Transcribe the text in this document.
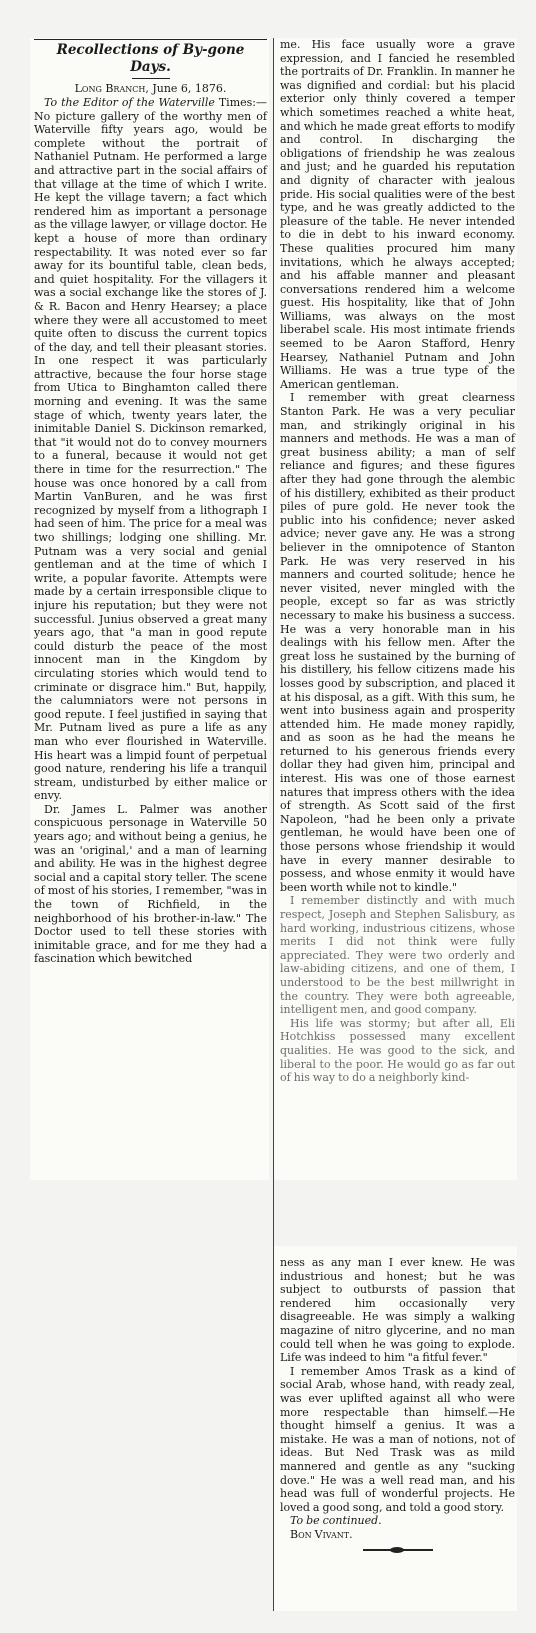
Recollections of By-gone Days.
Long Branch, June 6, 1876.

To the Editor of the Waterville Times:—No picture gallery of the worthy men of Waterville fifty years ago, would be complete without the portrait of Nathaniel Putnam. He performed a large and attractive part in the social affairs of that village at the time of which I write. He kept the village tavern; a fact which rendered him as important a personage as the village lawyer, or village doctor. He kept a house of more than ordinary respectability. It was noted ever so far away for its bountiful table, clean beds, and quiet hospitality. For the villagers it was a social exchange like the stores of J. & R. Bacon and Henry Hearsey; a place where they were all accustomed to meet quite often to discuss the current topics of the day, and tell their pleasant stories. In one respect it was particularly attractive, because the four horse stage from Utica to Binghamton called there morning and evening. It was the same stage of which, twenty years later, the inimitable Daniel S. Dickinson remarked, that "it would not do to convey mourners to a funeral, because it would not get there in time for the resurrection." The house was once honored by a call from Martin VanBuren, and he was first recognized by myself from a lithograph I had seen of him. The price for a meal was two shillings; lodging one shilling. Mr. Putnam was a very social and genial gentleman and at the time of which I write, a popular favorite. Attempts were made by a certain irresponsible clique to injure his reputation; but they were not successful. Junius observed a great many years ago, that "a man in good repute could disturb the peace of the most innocent man in the Kingdom by circulating stories which would tend to criminate or disgrace him." But, happily, the calumniators were not persons in good repute. I feel justified in saying that Mr. Putnam lived as pure a life as any man who ever flourished in Waterville. His heart was a limpid fount of perpetual good nature, rendering his life a tranquil stream, undisturbed by either malice or envy.

Dr. James L. Palmer was another conspicuous personage in Waterville 50 years ago; and without being a genius, he was an 'original,' and a man of learning and ability. He was in the highest degree social and a capital story teller. The scene of most of his stories, I remember, "was in the town of Richfield, in the neighborhood of his brother-in-law." The Doctor used to tell these stories with inimitable grace, and for me they had a fascination which bewitched

me. His face usually wore a grave expression, and I fancied he resembled the portraits of Dr. Franklin. In manner he was dignified and cordial: but his placid exterior only thinly covered a temper which sometimes reached a white heat, and which he made great efforts to modify and control. In discharging the obligations of friendship he was zealous and just; and he guarded his reputation and dignity of character with jealous pride. His social qualities were of the best type, and he was greatly addicted to the pleasure of the table. He never intended to die in debt to his inward economy. These qualities procured him many invitations, which he always accepted; and his affable manner and pleasant conversations rendered him a welcome guest. His hospitality, like that of John Williams, was always on the most liberabel scale. His most intimate friends seemed to be Aaron Stafford, Henry Hearsey, Nathaniel Putnam and John Williams. He was a true type of the American gentleman.

I remember with great clearness Stanton Park. He was a very peculiar man, and strikingly original in his manners and methods. He was a man of great business ability; a man of self reliance and figures; and these figures after they had gone through the alembic of his distillery, exhibited as their product piles of pure gold. He never took the public into his confidence; never asked advice; never gave any. He was a strong believer in the omnipotence of Stanton Park. He was very reserved in his manners and courted solitude; hence he never visited, never mingled with the people, except so far as was strictly necessary to make his business a success. He was a very honorable man in his dealings with his fellow men. After the great loss he sustained by the burning of his distillery, his fellow citizens made his losses good by subscription, and placed it at his disposal, as a gift. With this sum, he went into business again and prosperity attended him. He made money rapidly, and as soon as he had the means he returned to his generous friends every dollar they had given him, principal and interest. His was one of those earnest natures that impress others with the idea of strength. As Scott said of the first Napoleon, "had he been only a private gentleman, he would have been one of those persons whose friendship it would have in every manner desirable to possess, and whose enmity it would have been worth while not to kindle."

I remember distinctly and with much respect, Joseph and Stephen Salisbury, as hard working, industrious citizens, whose merits I did not think were fully appreciated. They were two orderly and law-abiding citizens, and one of them, I understood to be the best millwright in the country. They were both agreeable, intelligent men, and good company.

His life was stormy; but after all, Eli Hotchkiss possessed many excellent qualities. He was good to the sick, and liberal to the poor. He would go as far out of his way to do a neighborly kind-

ness as any man I ever knew. He was industrious and honest; but he was subject to outbursts of passion that rendered him occasionally very disagreeable. He was simply a walking magazine of nitro glycerine, and no man could tell when he was going to explode. Life was indeed to him "a fitful fever."

I remember Amos Trask as a kind of social Arab, whose hand, with ready zeal, was ever uplifted against all who were more respectable than himself.—He thought himself a genius. It was a mistake. He was a man of notions, not of ideas. But Ned Trask was as mild mannered and gentle as any "sucking dove." He was a well read man, and his head was full of wonderful projects. He loved a good song, and told a good story.

To be continued.

Bon Vivant.
